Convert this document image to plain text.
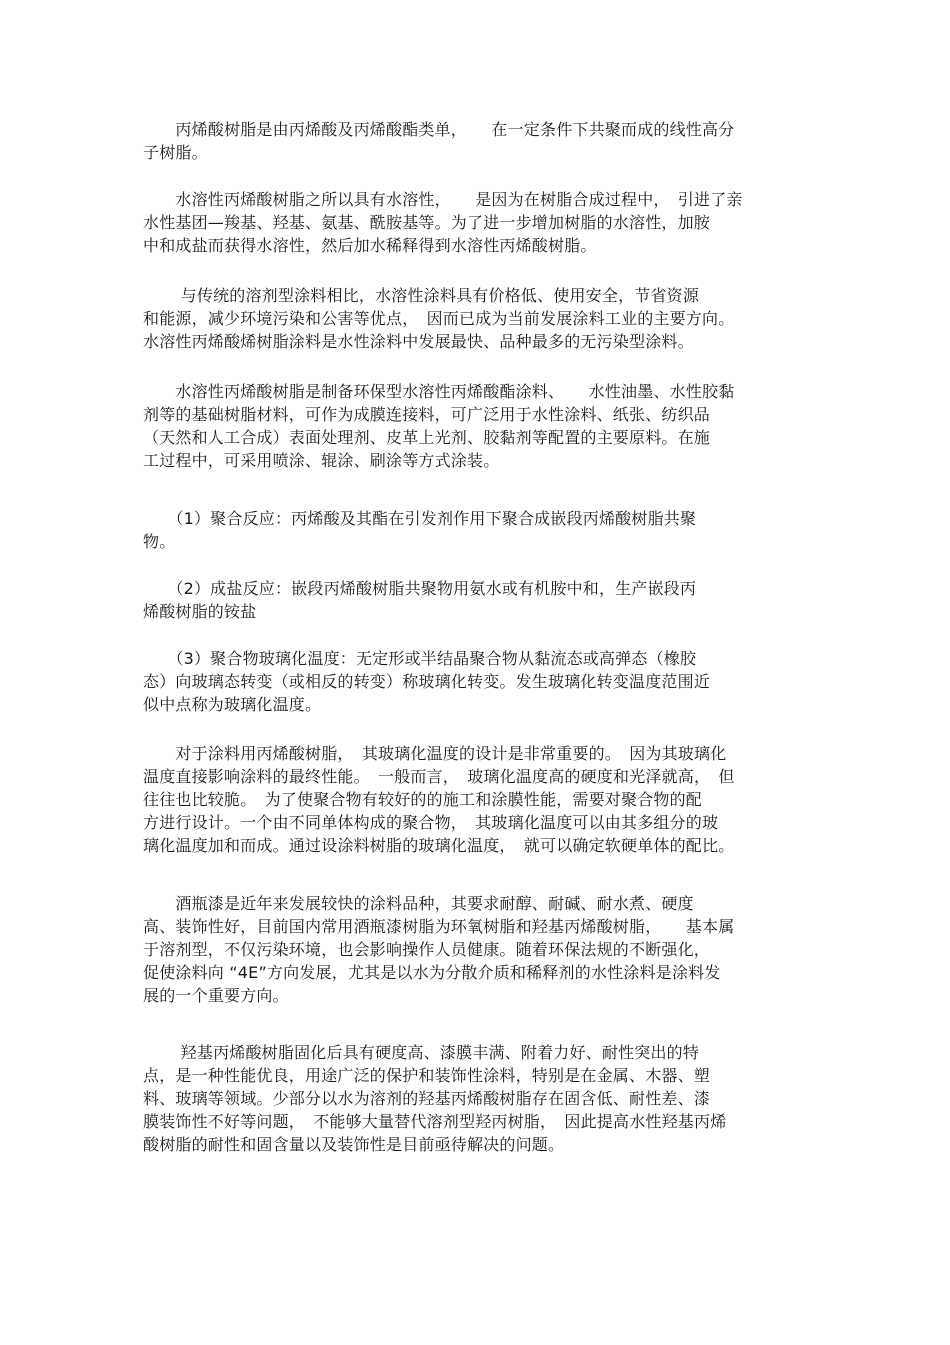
　　丙烯酸树脂是由丙烯酸及丙烯酸酯类单，　　在一定条件下共聚而成的线性高分
子树脂。
　　水溶性丙烯酸树脂之所以具有水溶性，　　是因为在树脂合成过程中，　引进了亲
水性基团—羧基、羟基、氨基、酰胺基等。为了进一步增加树脂的水溶性，加胺
中和成盐而获得水溶性，然后加水稀释得到水溶性丙烯酸树脂。
　　 与传统的溶剂型涂料相比，水溶性涂料具有价格低、使用安全，节省资源
和能源，减少环境污染和公害等优点，　因而已成为当前发展涂料工业的主要方向。
水溶性丙烯酸烯树脂涂料是水性涂料中发展最快、品种最多的无污染型涂料。
　　水溶性丙烯酸树脂是制备环保型水溶性丙烯酸酯涂料、　　水性油墨、水性胶黏
剂等的基础树脂材料，可作为成膜连接料，可广泛用于水性涂料、纸张、纺织品
（天然和人工合成）表面处理剂、皮革上光剂、胶黏剂等配置的主要原料。在施
工过程中，可采用喷涂、辊涂、刷涂等方式涂装。
　　（1）聚合反应：丙烯酸及其酯在引发剂作用下聚合成嵌段丙烯酸树脂共聚
物。
　　（2）成盐反应：嵌段丙烯酸树脂共聚物用氨水或有机胺中和，生产嵌段丙
烯酸树脂的铵盐
　　（3）聚合物玻璃化温度：无定形或半结晶聚合物从黏流态或高弹态（橡胶
态）向玻璃态转变（或相反的转变）称玻璃化转变。发生玻璃化转变温度范围近
似中点称为玻璃化温度。
　　对于涂料用丙烯酸树脂，　其玻璃化温度的设计是非常重要的。　因为其玻璃化
温度直接影响涂料的最终性能。　一般而言，　玻璃化温度高的硬度和光泽就高，　但
往往也比较脆。　为了使聚合物有较好的的施工和涂膜性能，需要对聚合物的配
方进行设计。一个由不同单体构成的聚合物，　其玻璃化温度可以由其多组分的玻
璃化温度加和而成。通过设涂料树脂的玻璃化温度，　就可以确定软硬单体的配比。
　　酒瓶漆是近年来发展较快的涂料品种，其要求耐醇、耐碱、耐水煮、硬度
高、装饰性好，目前国内常用酒瓶漆树脂为环氧树脂和羟基丙烯酸树脂，　　基本属
于溶剂型，不仅污染环境，也会影响操作人员健康。随着环保法规的不断强化，
促使涂料向 “4E”方向发展，尤其是以水为分散介质和稀释剂的水性涂料是涂料发
展的一个重要方向。
　　 羟基丙烯酸树脂固化后具有硬度高、漆膜丰满、附着力好、耐性突出的特
点，是一种性能优良，用途广泛的保护和装饰性涂料，特别是在金属、木器、塑
料、玻璃等领域。少部分以水为溶剂的羟基丙烯酸树脂存在固含低、耐性差、漆
膜装饰性不好等问题，　不能够大量替代溶剂型羟丙树脂，　因此提高水性羟基丙烯
酸树脂的耐性和固含量以及装饰性是目前亟待解决的问题。
